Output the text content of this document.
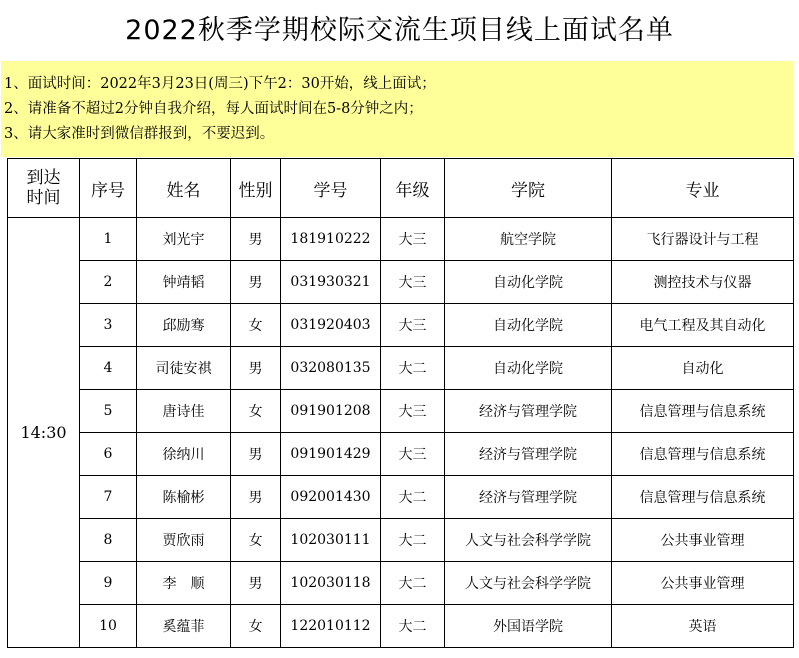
2022秋季学期校际交流生项目线上面试名单
1、面试时间：2022年3月23日(周三)下午2：30开始，线上面试；
2、请准备不超过2分钟自我介绍，每人面试时间在5-8分钟之内；
3、请大家准时到微信群报到，不要迟到。
到达
时间	序号	姓名	性别	学号	年级	学院	专业
14:30	1	刘光宇	男	181910222	大三	航空学院	飞行器设计与工程
	2	钟靖韬	男	031930321	大三	自动化学院	测控技术与仪器
	3	邱励骞	女	031920403	大三	自动化学院	电气工程及其自动化
	4	司徒安祺	男	032080135	大二	自动化学院	自动化
	5	唐诗佳	女	091901208	大三	经济与管理学院	信息管理与信息系统
	6	徐纳川	男	091901429	大三	经济与管理学院	信息管理与信息系统
	7	陈榆彬	男	092001430	大二	经济与管理学院	信息管理与信息系统
	8	贾欣雨	女	102030111	大二	人文与社会科学学院	公共事业管理
	9	李　顺	男	102030118	大二	人文与社会科学学院	公共事业管理
	10	奚蕴菲	女	122010112	大二	外国语学院	英语
